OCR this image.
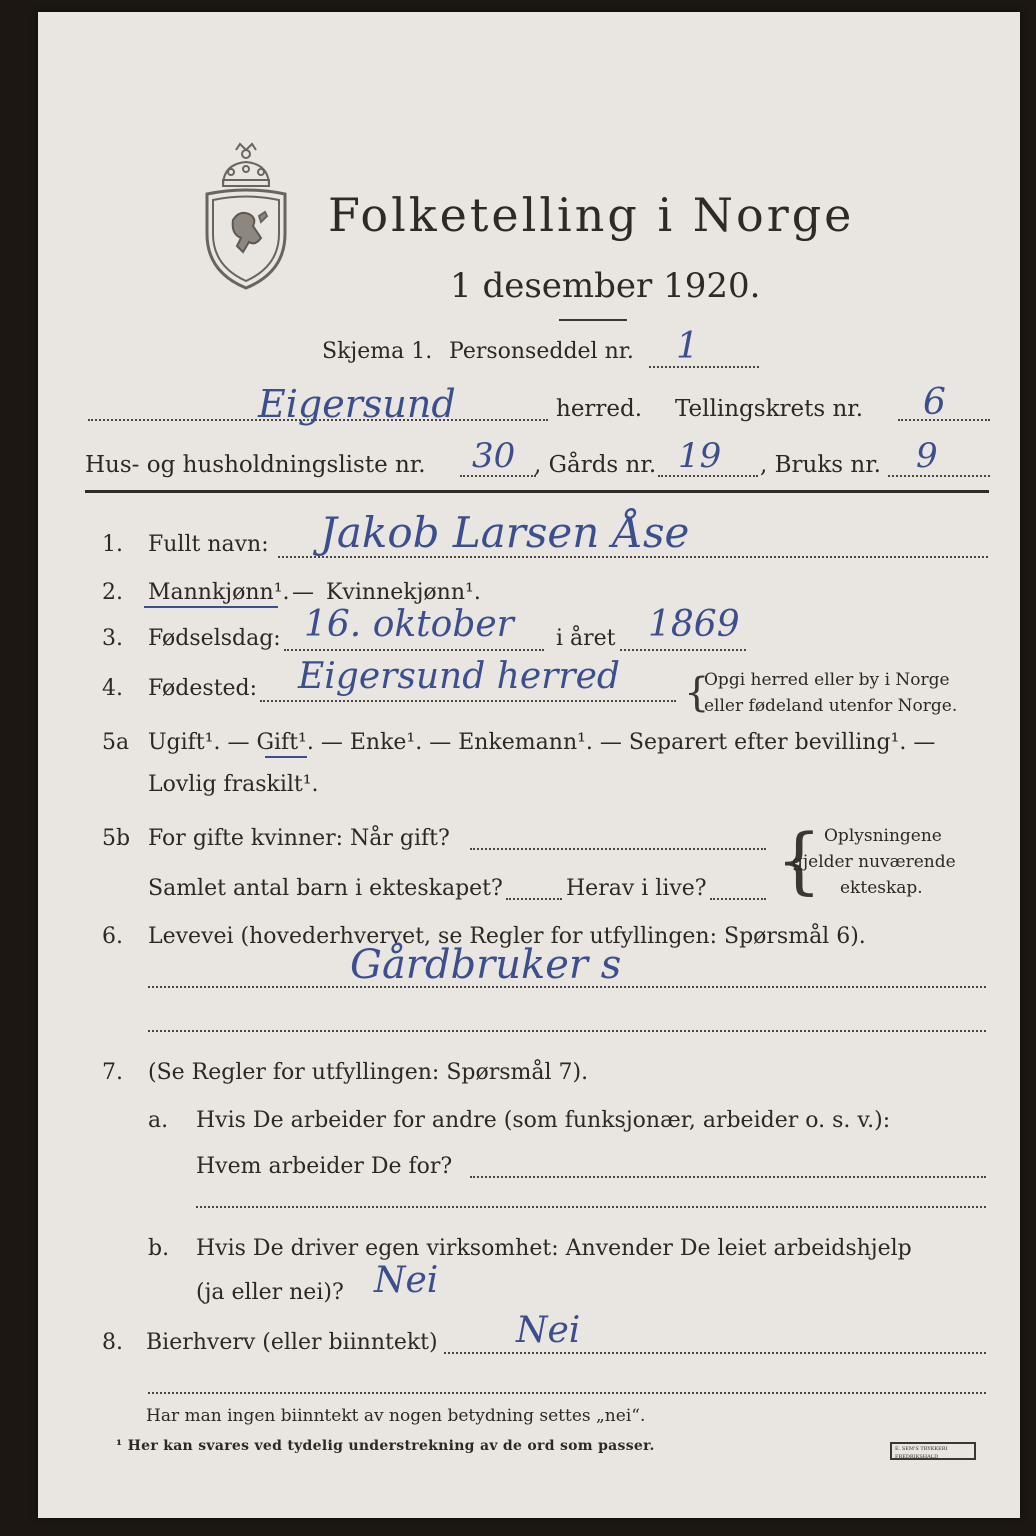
Folketelling i Norge
1 desember 1920.
Skjema 1. Personseddel nr. 1
Eigersund	herred. Tellingskrets nr. 6
Hus- og husholdningsliste nr. 30 , Gårds nr. 19 , Bruks nr. 9
1. Fullt navn: Jakob Larsen Åse
2. Mannkjønn¹. — Kvinnekjønn¹.
3. Fødselsdag: 16. oktober i året 1869
4. Fødested: Eigersund herred {
Opgi herred eller by i Norge
eller fødeland utenfor Norge.
5a Ugift¹. — Gift¹. — Enke¹. — Enkemann¹. — Separert efter bevilling¹. —
Lovlig fraskilt¹.
5b For gifte kvinner: Når gift?
Samlet antal barn i ekteskapet?	Herav i live? { Oplysningene
gjelder nuværende
ekteskap.
6. Levevei (hovederhvervet, se Regler for utfyllingen: Spørsmål 6).
Gårdbruker s
7. (Se Regler for utfyllingen: Spørsmål 7).
a. Hvis De arbeider for andre (som funksjonær, arbeider o. s. v.):
Hvem arbeider De for?
b. Hvis De driver egen virksomhet: Anvender De leiet arbeidshjelp
(ja eller nei)? Nei
8. Bierhverv (eller biinntekt) Nei
Har man ingen biinntekt av nogen betydning settes „nei“.
¹ Her kan svares ved tydelig understrekning av de ord som passer.	E. SEM'S TRYKKERI FREDRIKSHALD
